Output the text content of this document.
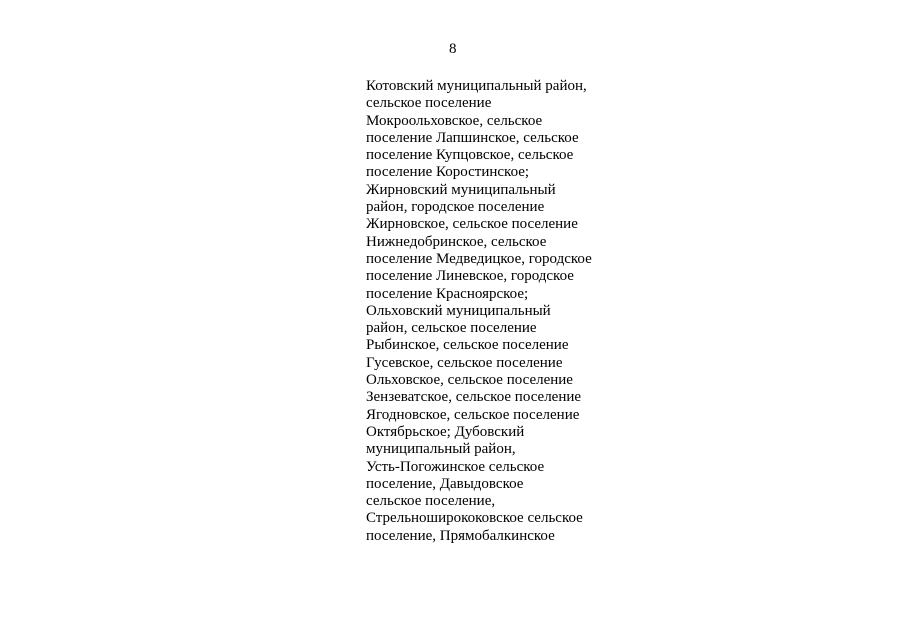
8
Котовский муниципальный район,
сельское поселение
Мокроольховское, сельское
поселение Лапшинское, сельское
поселение Купцовское, сельское
поселение Коростинское;
Жирновский муниципальный
район, городское поселение
Жирновское, сельское поселение
Нижнедобринское, сельское
поселение Медведицкое, городское
поселение Линевское, городское
поселение Красноярское;
Ольховский муниципальный
район, сельское поселение
Рыбинское, сельское поселение
Гусевское, сельское поселение
Ольховское, сельское поселение
Зензеватское, сельское поселение
Ягодновское, сельское поселение
Октябрьское; Дубовский
муниципальный район,
Усть-Погожинское сельское
поселение, Давыдовское
сельское поселение,
Стрельноширококовское сельское
поселение, Прямобалкинское
